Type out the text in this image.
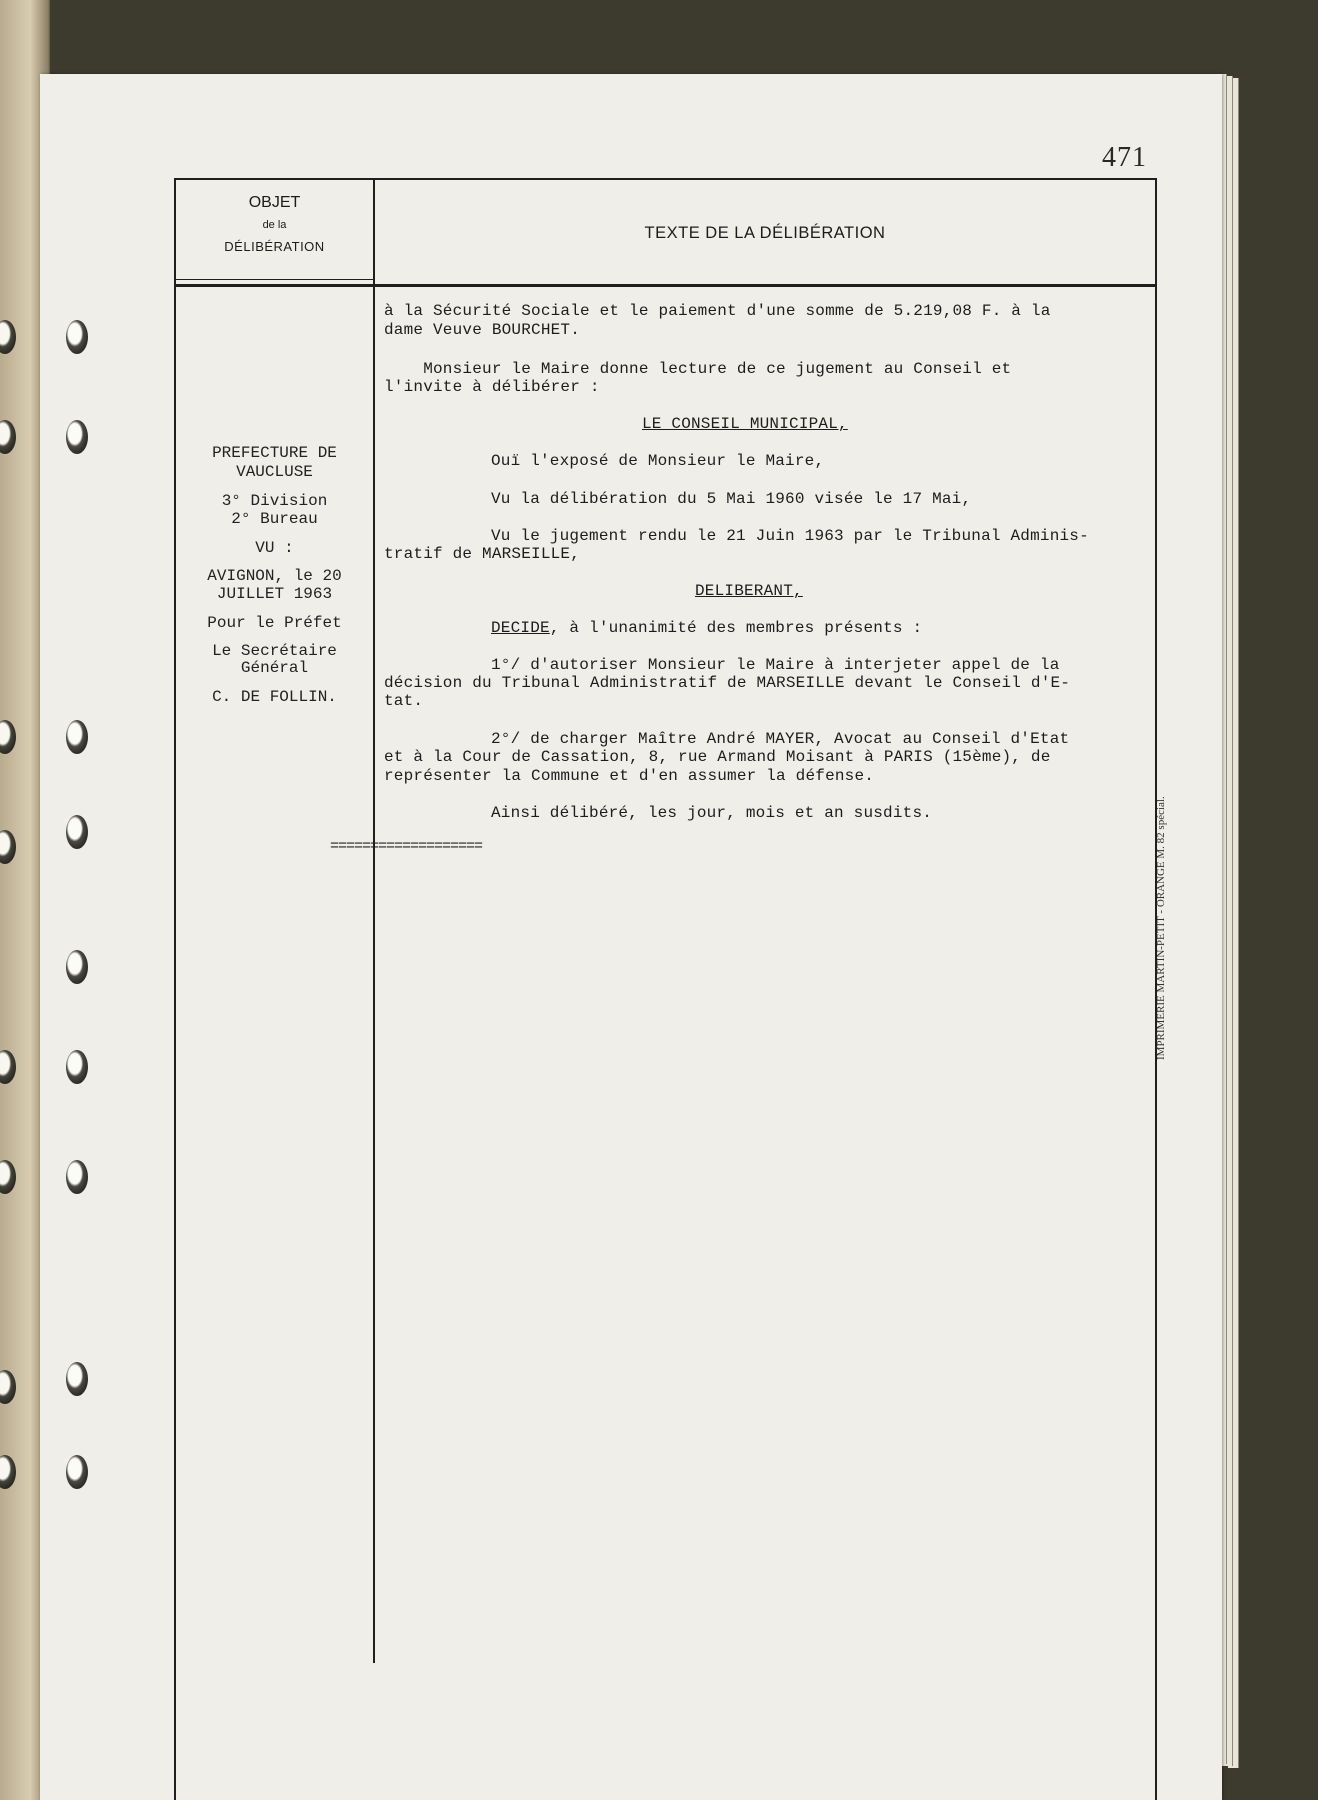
471
OBJET
de la
DÉLIBÉRATION
TEXTE DE LA DÉLIBÉRATION
PREFECTURE DE
VAUCLUSE
3° Division
2° Bureau
VU :
AVIGNON, le 20
JUILLET 1963
Pour le Préfet
Le Secrétaire
Général
C. DE FOLLIN.
à la Sécurité Sociale et le paiement d'une somme de 5.219,08 F. à la
dame Veuve BOURCHET.
Monsieur le Maire donne lecture de ce jugement au Conseil et
l'invite à délibérer :
LE CONSEIL MUNICIPAL,
Ouï l'exposé de Monsieur le Maire,
Vu la délibération du 5 Mai 1960 visée le 17 Mai,
Vu le jugement rendu le 21 Juin 1963 par le Tribunal Adminis-
tratif de MARSEILLE,
DELIBERANT,
DECIDE, à l'unanimité des membres présents :
1°/ d'autoriser Monsieur le Maire à interjeter appel de la
décision du Tribunal Administratif de MARSEILLE devant le Conseil d'E-
tat.
2°/ de charger Maître André MAYER, Avocat au Conseil d'Etat
et à la Cour de Cassation, 8, rue Armand Moisant à PARIS (15ème), de
représenter la Commune et d'en assumer la défense.
Ainsi délibéré, les jour, mois et an susdits.
===================	IMPRIMERIE MARTIN-PETIT - ORANGE M. 82 spécial.
